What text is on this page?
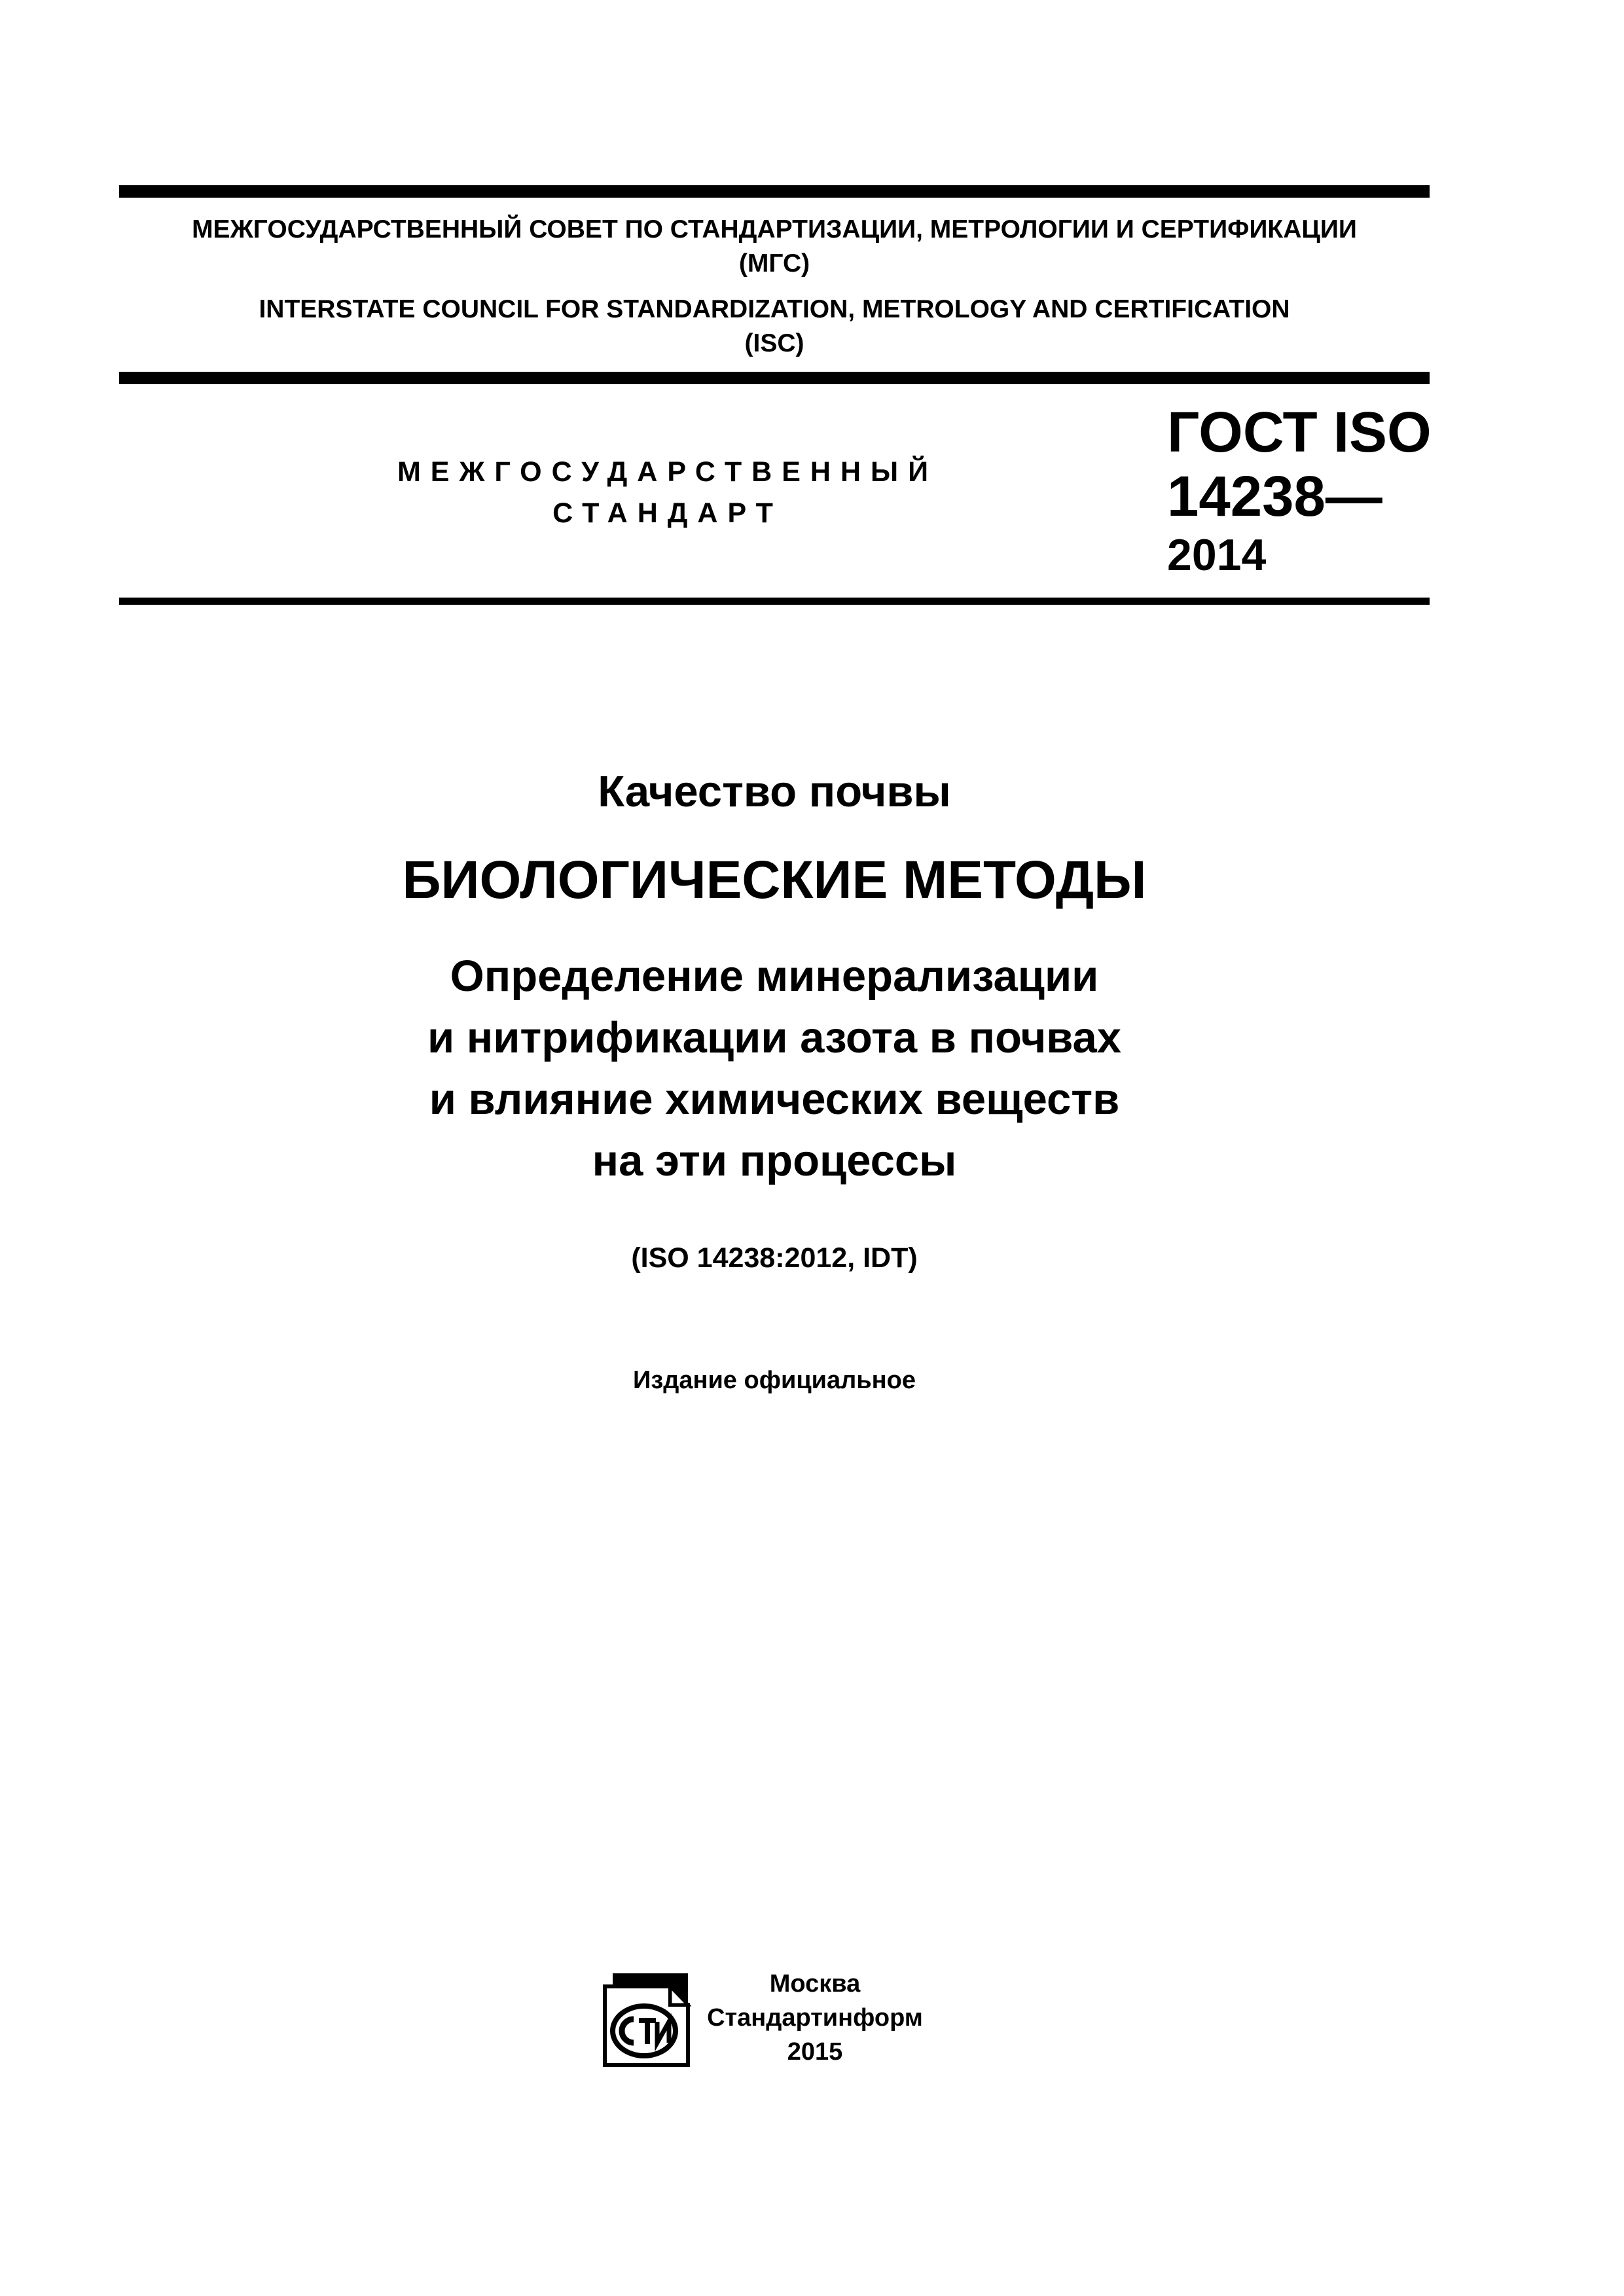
МЕЖГОСУДАРСТВЕННЫЙ СОВЕТ ПО СТАНДАРТИЗАЦИИ, МЕТРОЛОГИИ И СЕРТИФИКАЦИИ
(МГС)
INTERSTATE COUNCIL FOR STANDARDIZATION, METROLOGY AND CERTIFICATION
(ISC)
МЕЖГОСУДАРСТВЕННЫЙ
СТАНДАРТ
ГОСТ ISO
14238—
2014
Качество почвы
БИОЛОГИЧЕСКИЕ МЕТОДЫ
Определение минерализации
и нитрификации азота в почвах
и влияние химических веществ
на эти процессы
(ISO 14238:2012, IDT)
Издание официальное
Москва
Стандартинформ
2015
